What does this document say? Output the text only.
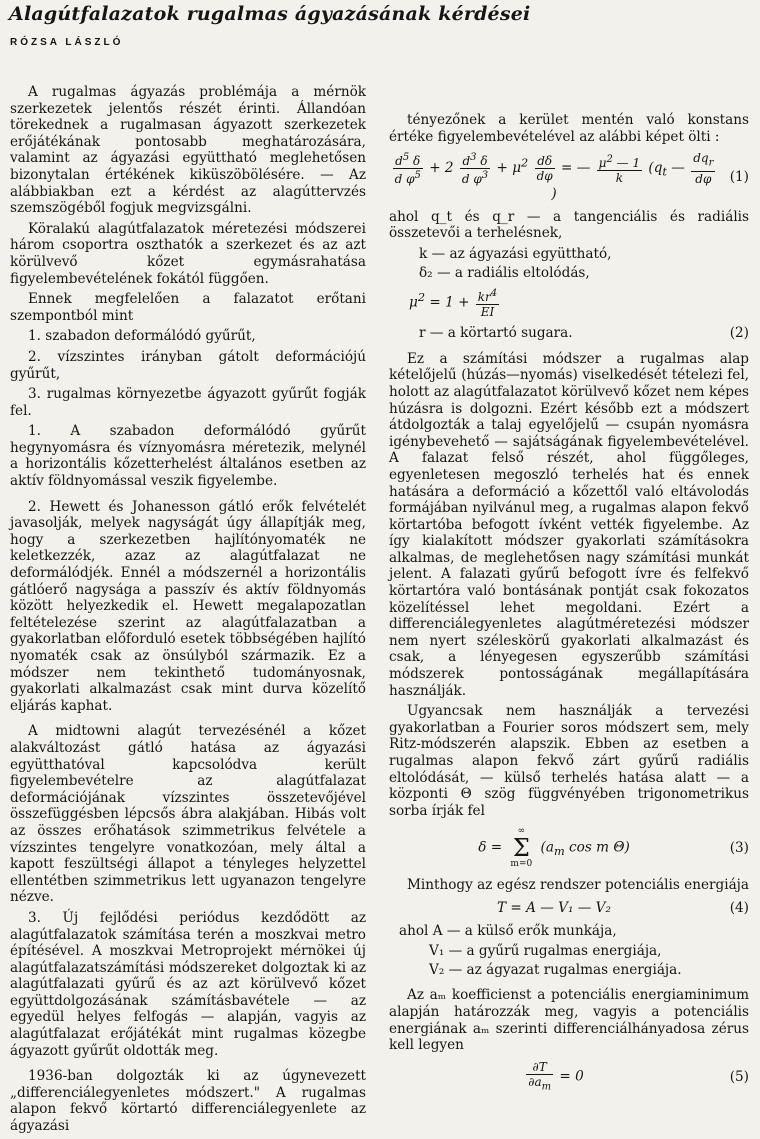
Alagútfalazatok rugalmas ágyazásának kérdései
RÓZSA LÁSZLÓ

A rugalmas ágyazás problémája a mérnök szerkezetek jelentős részét érinti. Állandóan törekednek a rugalmasan ágyazott szerkezetek erőjátékának pontosabb meghatározására, valamint az ágyazási együttható meglehetősen bizonytalan értékének kiküszöbölésére. — Az alábbiakban ezt a kérdést az alagúttervzés szemszögéből fogjuk megvizsgálni.

Köralakú alagútfalazatok méretezési módszerei három csoportra oszthatók a szerkezet és az azt körülvevő kőzet egymásrahatása figyelembevételének fokától függően.

Ennek megfelelően a falazatot erőtani szempontból mint

1. szabadon deformálódó gyűrűt,

2. vízszintes irányban gátolt deformációjú gyűrűt,

3. rugalmas környezetbe ágyazott gyűrűt fogják fel.

1. A szabadon deformálódó gyűrűt hegynyomásra és víznyomásra méretezik, melynél a horizontális kőzetterhelést általános esetben az aktív földnyomással veszik figyelembe.

2. Hewett és Johanesson gátló erők felvételét javasolják, melyek nagyságát úgy állapítják meg, hogy a szerkezetben hajlítónyomaték ne keletkezzék, azaz az alagútfalazat ne deformálódjék. Ennél a módszernél a horizontális gátlóerő nagysága a passzív és aktív földnyomás között helyezkedik el. Hewett megalapozatlan feltételezése szerint az alagútfalazatban a gyakorlatban előforduló esetek többségében hajlító nyomaték csak az önsúlyból származik. Ez a módszer nem tekinthető tudományosnak, gyakorlati alkalmazást csak mint durva közelítő eljárás kaphat.

A midtowni alagút tervezésénél a kőzet alakváltozást gátló hatása az ágyazási együtthatóval kapcsolódva került figyelembevételre az alagútfalazat deformációjának vízszintes összetevőjével összefüggésben lépcsős ábra alakjában. Hibás volt az összes erőhatások szimmetrikus felvétele a vízszintes tengelyre vonatkozóan, mely által a kapott feszültségi állapot a tényleges helyzettel ellentétben szimmetrikus lett ugyanazon tengelyre nézve.

3. Új fejlődési periódus kezdődött az alagútfalazatok számítása terén a moszkvai metro építésével. A moszkvai Metroprojekt mérnökei új alagútfalazatszámítási módszereket dolgoztak ki az alagútfalazati gyűrű és az azt körülvevő kőzet együttdolgozásának számításbavétele — az egyedül helyes felfogás — alapján, vagyis az alagútfalazat erőjátékát mint rugalmas közegbe ágyazott gyűrűt oldották meg.

1936-ban dolgozták ki az úgynevezett „differenciálegyenletes módszert." A rugalmas alapon fekvő körtartó differenciálegyenlete az ágyazási

tényezőnek a kerület mentén való konstans értéke figyelembevételével az alábbi képet ölti :

$\frac{d^5 \delta}{d \varphi^5} + 2 \frac{d^3 \delta}{d \varphi^3} + \mu^2 \frac{d\delta}{d\varphi}$ = — $\frac{\mu^2 — 1}{k} (q_t$ — $\frac{dq_r}{d\varphi}$
)
(1)

ahol q_t és q_r — a tangenciális és radiális összetevői a terhelésnek,

k — az ágyazási együttható,

δ₂ — a radiális eltolódás,

$\mu^2 = 1 + \frac{kr^4}{EI}$
r — a körtartó sugara.	(2)

Ez a számítási módszer a rugalmas alap kételőjelű (húzás—nyomás) viselkedését tételezi fel, holott az alagútfalazatot körülvevő kőzet nem képes húzásra is dolgozni. Ezért később ezt a módszert átdolgozták a talaj egyelőjelű — csupán nyomásra igénybevehető — sajátságának figyelembevételével. A falazat felső részét, ahol függőleges, egyenletesen megoszló terhelés hat és ennek hatására a deformáció a kőzettől való eltávolodás formájában nyilvánul meg, a rugalmas alapon fekvő körtartóba befogott ívként vették figyelembe. Az így kialakított módszer gyakorlati számításokra alkalmas, de meglehetősen nagy számítási munkát jelent. A falazati gyűrű befogott ívre és felfekvő körtartóra való bontásának pontját csak fokozatos közelítéssel lehet megoldani. Ezért a differenciálegyenletes alagútméretezési módszer nem nyert széleskörű gyakorlati alkalmazást és csak, a lényegesen egyszerűbb számítási módszerek pontosságának megállapítására használják.

Ugyancsak nem használják a tervezési gyakorlatban a Fourier soros módszert sem, mely Ritz-módszerén alapszik. Ebben az esetben a rugalmas alapon fekvő zárt gyűrű radiális eltolódását, — külső terhelés hatása alatt — a központi Θ szög függvényében trigonometrikus sorba írják fel

δ =
∞
Σ
m=0
($a_m$ cos m Θ)	(3)

Minthogy az egész rendszer potenciális energiája

T = A — V₁ — V₂	(4)

ahol A — a külső erők munkája,

V₁ — a gyűrű rugalmas energiája,

V₂ — az ágyazat rugalmas energiája.

Az aₘ koefficienst a potenciális energiaminimum alapján határozzák meg, vagyis a potenciális energiának aₘ szerinti differenciálhányadosa zérus kell legyen

$\frac{\partial T}{\partial a_m} = 0$	(5)
